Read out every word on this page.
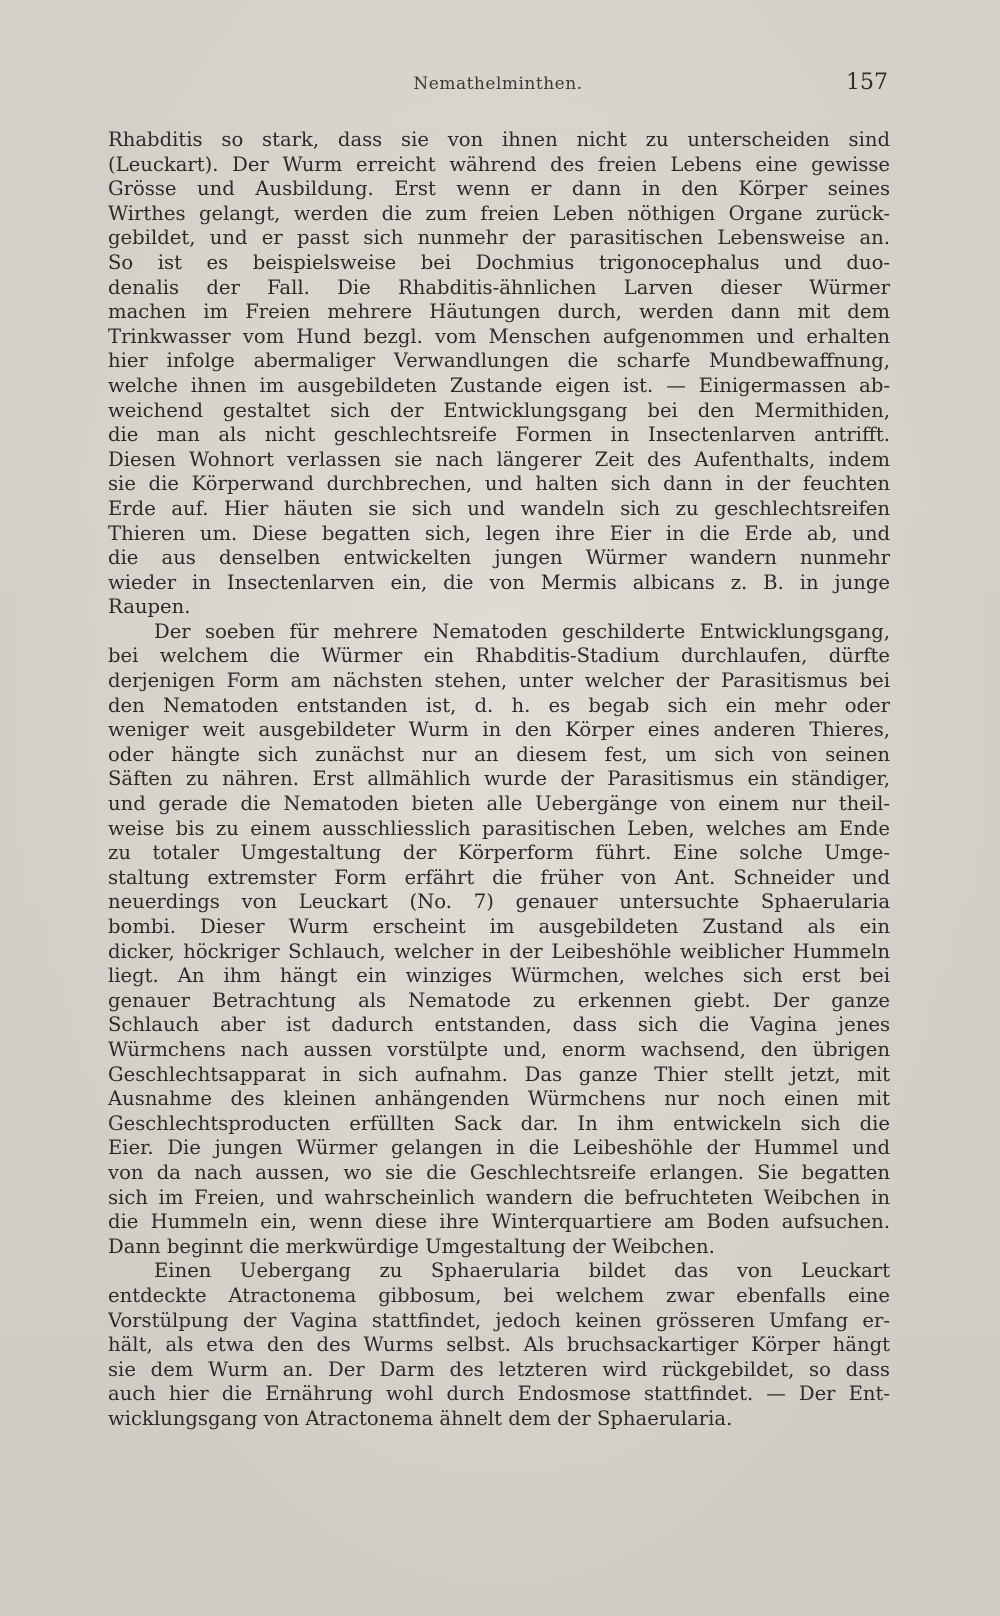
Nemathelminthen.	157
Rhabditis so stark, dass sie von ihnen nicht zu unterscheiden sind
(Leuckart). Der Wurm erreicht während des freien Lebens eine gewisse
Grösse und Ausbildung. Erst wenn er dann in den Körper seines
Wirthes gelangt, werden die zum freien Leben nöthigen Organe zurück-
gebildet, und er passt sich nunmehr der parasitischen Lebensweise an.
So ist es beispielsweise bei Dochmius trigonocephalus und duo-
denalis der Fall. Die Rhabditis-ähnlichen Larven dieser Würmer
machen im Freien mehrere Häutungen durch, werden dann mit dem
Trinkwasser vom Hund bezgl. vom Menschen aufgenommen und erhalten
hier infolge abermaliger Verwandlungen die scharfe Mundbewaffnung,
welche ihnen im ausgebildeten Zustande eigen ist. — Einigermassen ab-
weichend gestaltet sich der Entwicklungsgang bei den Mermithiden,
die man als nicht geschlechtsreife Formen in Insectenlarven antrifft.
Diesen Wohnort verlassen sie nach längerer Zeit des Aufenthalts, indem
sie die Körperwand durchbrechen, und halten sich dann in der feuchten
Erde auf. Hier häuten sie sich und wandeln sich zu geschlechtsreifen
Thieren um. Diese begatten sich, legen ihre Eier in die Erde ab, und
die aus denselben entwickelten jungen Würmer wandern nunmehr
wieder in Insectenlarven ein, die von Mermis albicans z. B. in junge
Raupen.
Der soeben für mehrere Nematoden geschilderte Entwicklungsgang,
bei welchem die Würmer ein Rhabditis-Stadium durchlaufen, dürfte
derjenigen Form am nächsten stehen, unter welcher der Parasitismus bei
den Nematoden entstanden ist, d. h. es begab sich ein mehr oder
weniger weit ausgebildeter Wurm in den Körper eines anderen Thieres,
oder hängte sich zunächst nur an diesem fest, um sich von seinen
Säften zu nähren. Erst allmählich wurde der Parasitismus ein ständiger,
und gerade die Nematoden bieten alle Uebergänge von einem nur theil-
weise bis zu einem ausschliesslich parasitischen Leben, welches am Ende
zu totaler Umgestaltung der Körperform führt. Eine solche Umge-
staltung extremster Form erfährt die früher von Ant. Schneider und
neuerdings von Leuckart (No. 7) genauer untersuchte Sphaerularia
bombi. Dieser Wurm erscheint im ausgebildeten Zustand als ein
dicker, höckriger Schlauch, welcher in der Leibeshöhle weiblicher Hummeln
liegt. An ihm hängt ein winziges Würmchen, welches sich erst bei
genauer Betrachtung als Nematode zu erkennen giebt. Der ganze
Schlauch aber ist dadurch entstanden, dass sich die Vagina jenes
Würmchens nach aussen vorstülpte und, enorm wachsend, den übrigen
Geschlechtsapparat in sich aufnahm. Das ganze Thier stellt jetzt, mit
Ausnahme des kleinen anhängenden Würmchens nur noch einen mit
Geschlechtsproducten erfüllten Sack dar. In ihm entwickeln sich die
Eier. Die jungen Würmer gelangen in die Leibeshöhle der Hummel und
von da nach aussen, wo sie die Geschlechtsreife erlangen. Sie begatten
sich im Freien, und wahrscheinlich wandern die befruchteten Weibchen in
die Hummeln ein, wenn diese ihre Winterquartiere am Boden aufsuchen.
Dann beginnt die merkwürdige Umgestaltung der Weibchen.
Einen Uebergang zu Sphaerularia bildet das von Leuckart
entdeckte Atractonema gibbosum, bei welchem zwar ebenfalls eine
Vorstülpung der Vagina stattfindet, jedoch keinen grösseren Umfang er-
hält, als etwa den des Wurms selbst. Als bruchsackartiger Körper hängt
sie dem Wurm an. Der Darm des letzteren wird rückgebildet, so dass
auch hier die Ernährung wohl durch Endosmose stattfindet. — Der Ent-
wicklungsgang von Atractonema ähnelt dem der Sphaerularia.
